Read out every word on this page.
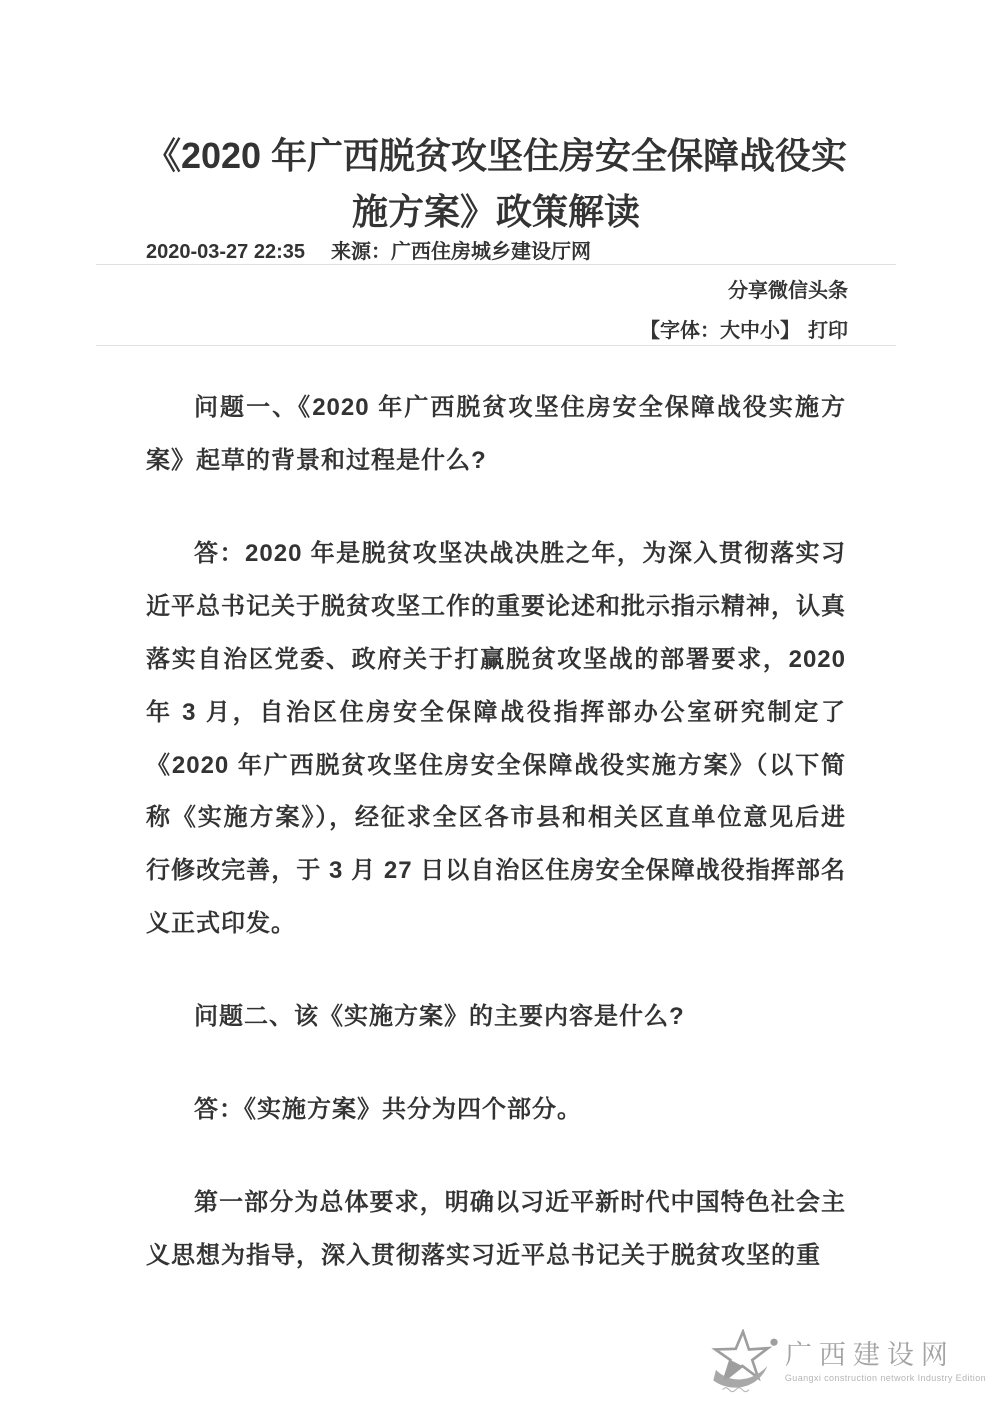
《2020 年广西脱贫攻坚住房安全保障战役实施方案》政策解读
2020-03-27 22:35 来源：广西住房城乡建设厅网
分享微信头条
【字体：大中小】 打印

问题一、《2020 年广西脱贫攻坚住房安全保障战役实施方案》起草的背景和过程是什么?

答：2020 年是脱贫攻坚决战决胜之年，为深入贯彻落实习近平总书记关于脱贫攻坚工作的重要论述和批示指示精神，认真落实自治区党委、政府关于打赢脱贫攻坚战的部署要求，2020 年 3 月，自治区住房安全保障战役指挥部办公室研究制定了《2020 年广西脱贫攻坚住房安全保障战役实施方案》（以下简称《实施方案》），经征求全区各市县和相关区直单位意见后进行修改完善，于 3 月 27 日以自治区住房安全保障战役指挥部名义正式印发。

问题二、该《实施方案》的主要内容是什么?

答：《实施方案》共分为四个部分。

第一部分为总体要求，明确以习近平新时代中国特色社会主义思想为指导，深入贯彻落实习近平总书记关于脱贫攻坚的重

广西建设网
Guangxi construction network Industry Edition
